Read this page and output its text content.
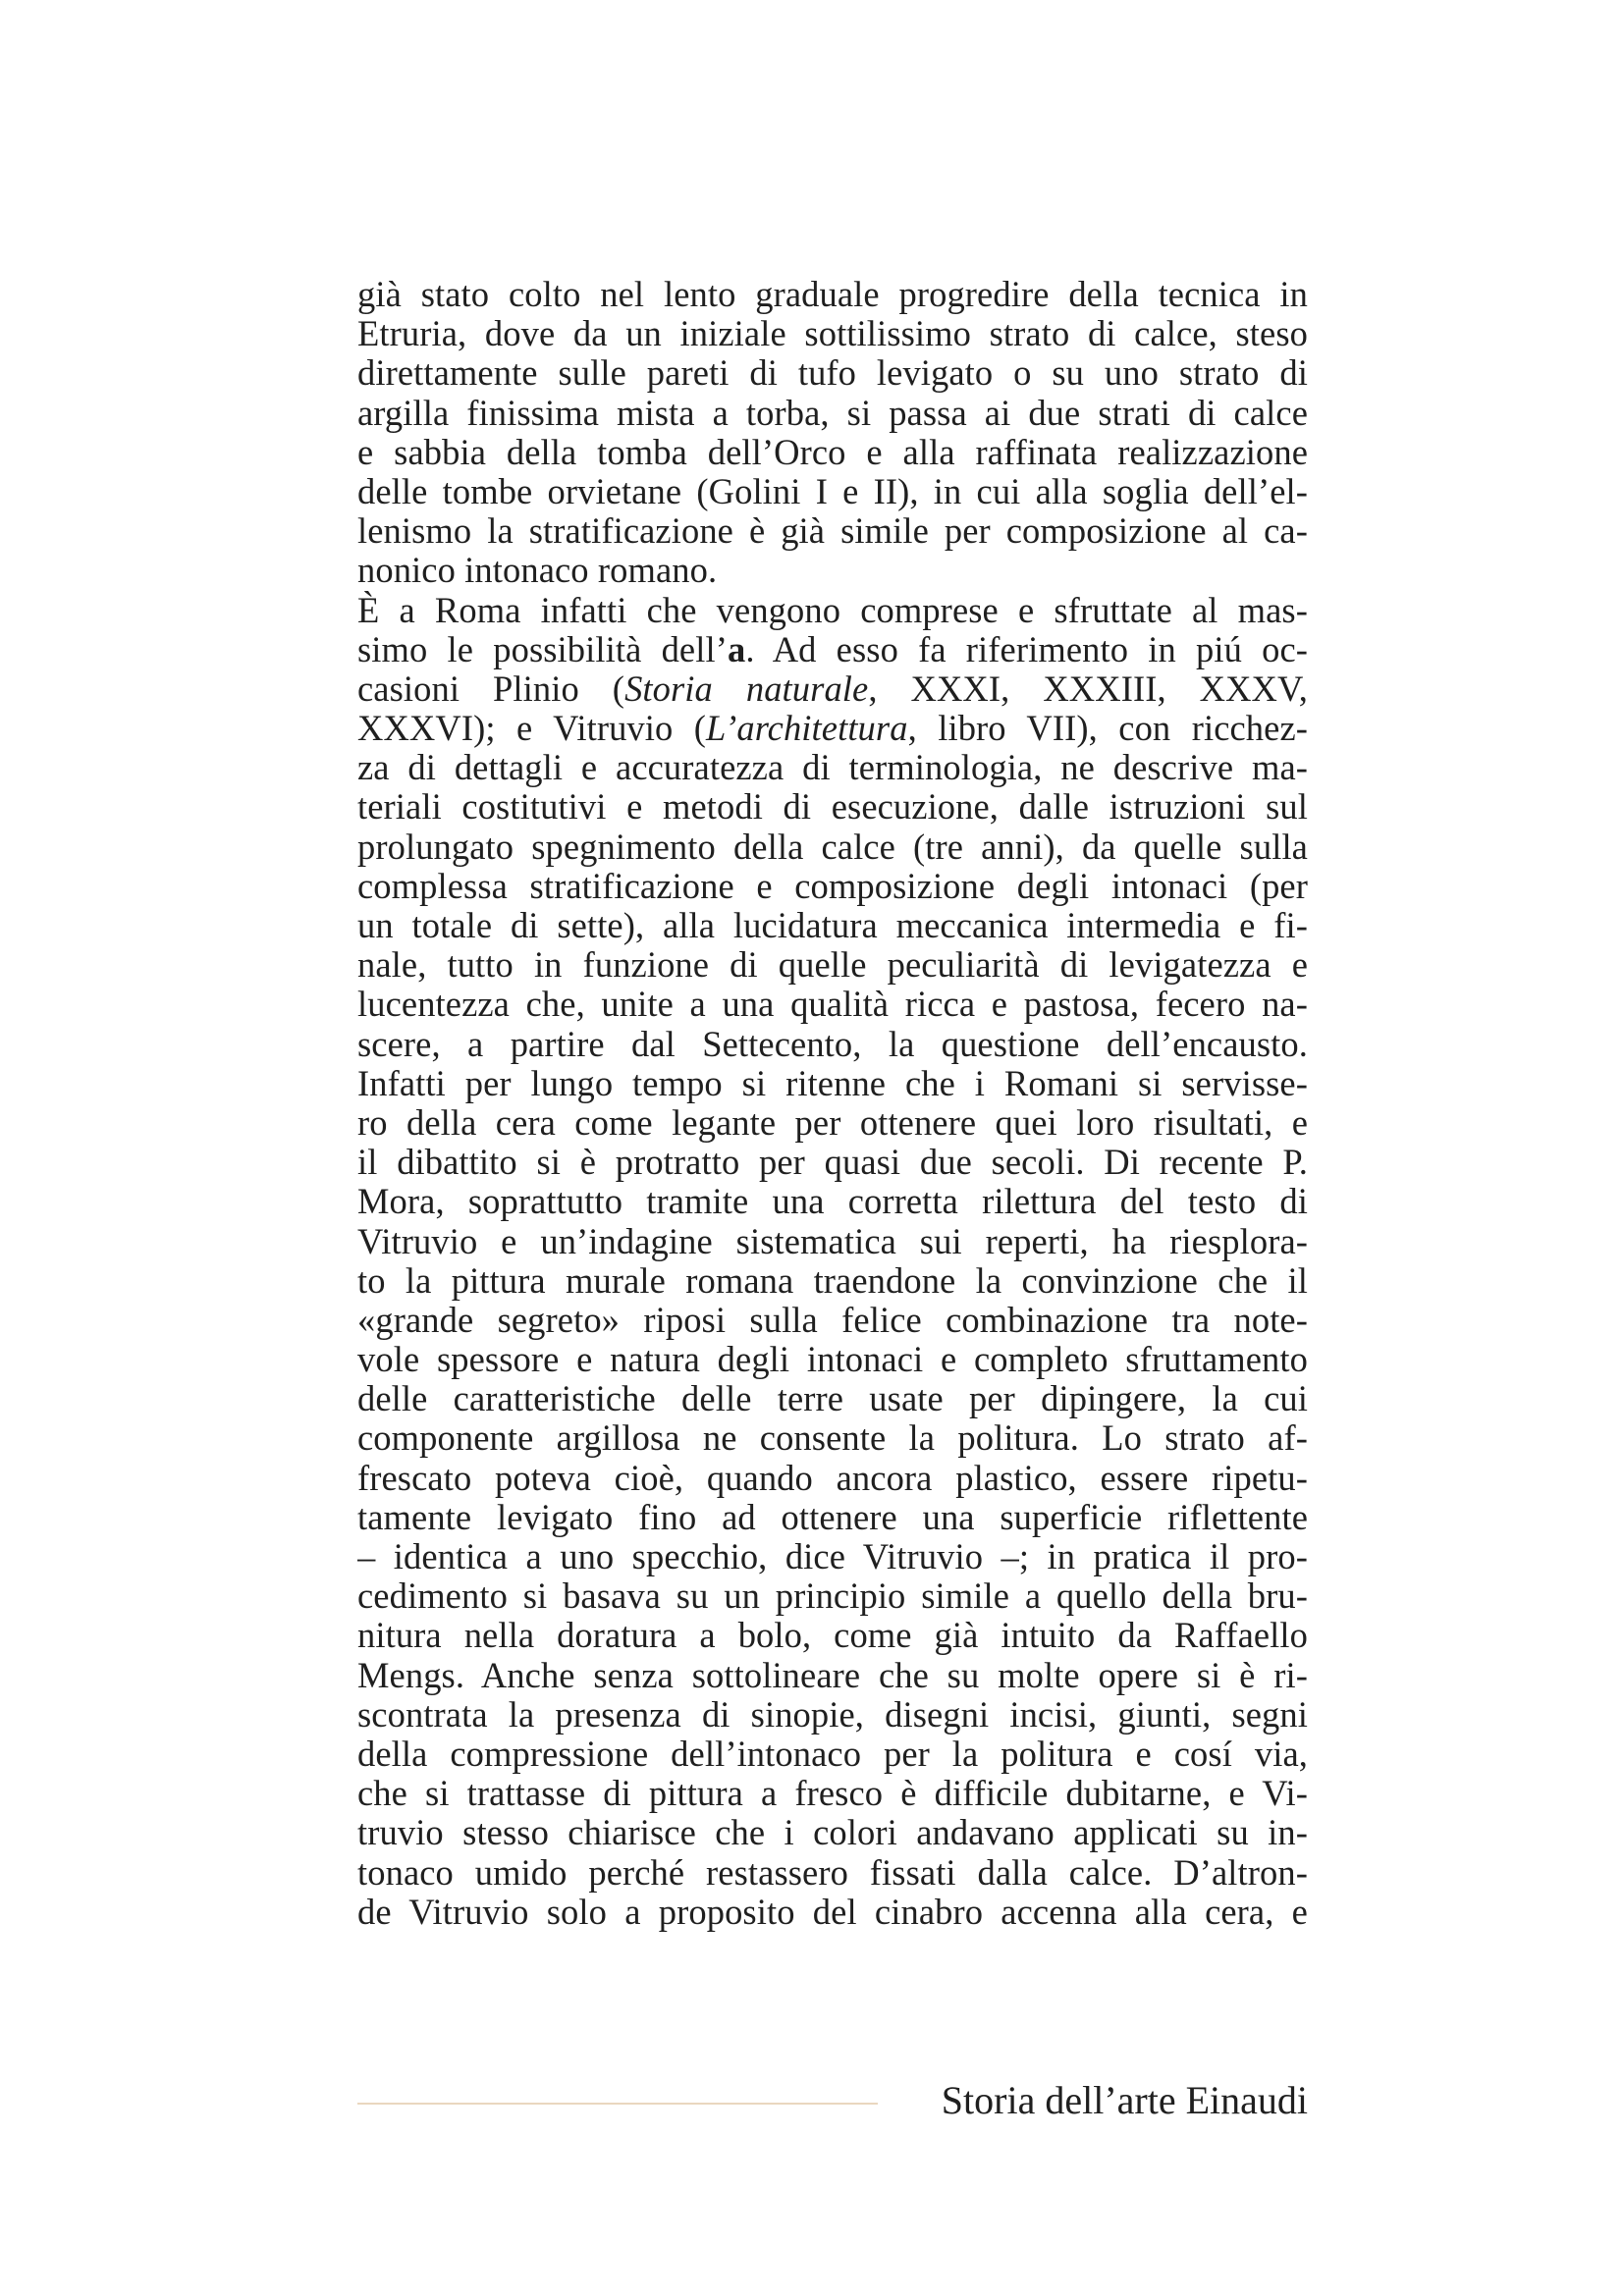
già stato colto nel lento graduale progredire della tecnica in
Etruria, dove da un iniziale sottilissimo strato di calce, steso
direttamente sulle pareti di tufo levigato o su uno strato di
argilla finissima mista a torba, si passa ai due strati di calce
e sabbia della tomba dell’Orco e alla raffinata realizzazione
delle tombe orvietane (Golini I e II), in cui alla soglia dell’el-
lenismo la stratificazione è già simile per composizione al ca-
nonico intonaco romano.
È a Roma infatti che vengono comprese e sfruttate al mas-
simo le possibilità dell’a. Ad esso fa riferimento in piú oc-
casioni Plinio (Storia naturale, XXXI, XXXIII, XXXV,
XXXVI); e Vitruvio (L’architettura, libro VII), con ricchez-
za di dettagli e accuratezza di terminologia, ne descrive ma-
teriali costitutivi e metodi di esecuzione, dalle istruzioni sul
prolungato spegnimento della calce (tre anni), da quelle sulla
complessa stratificazione e composizione degli intonaci (per
un totale di sette), alla lucidatura meccanica intermedia e fi-
nale, tutto in funzione di quelle peculiarità di levigatezza e
lucentezza che, unite a una qualità ricca e pastosa, fecero na-
scere, a partire dal Settecento, la questione dell’encausto.
Infatti per lungo tempo si ritenne che i Romani si servisse-
ro della cera come legante per ottenere quei loro risultati, e
il dibattito si è protratto per quasi due secoli. Di recente P.
Mora, soprattutto tramite una corretta rilettura del testo di
Vitruvio e un’indagine sistematica sui reperti, ha riesplora-
to la pittura murale romana traendone la convinzione che il
«grande segreto» riposi sulla felice combinazione tra note-
vole spessore e natura degli intonaci e completo sfruttamento
delle caratteristiche delle terre usate per dipingere, la cui
componente argillosa ne consente la politura. Lo strato af-
frescato poteva cioè, quando ancora plastico, essere ripetu-
tamente levigato fino ad ottenere una superficie riflettente
– identica a uno specchio, dice Vitruvio –; in pratica il pro-
cedimento si basava su un principio simile a quello della bru-
nitura nella doratura a bolo, come già intuito da Raffaello
Mengs. Anche senza sottolineare che su molte opere si è ri-
scontrata la presenza di sinopie, disegni incisi, giunti, segni
della compressione dell’intonaco per la politura e cosí via,
che si trattasse di pittura a fresco è difficile dubitarne, e Vi-
truvio stesso chiarisce che i colori andavano applicati su in-
tonaco umido perché restassero fissati dalla calce. D’altron-
de Vitruvio solo a proposito del cinabro accenna alla cera, e
Storia dell’arte Einaudi
